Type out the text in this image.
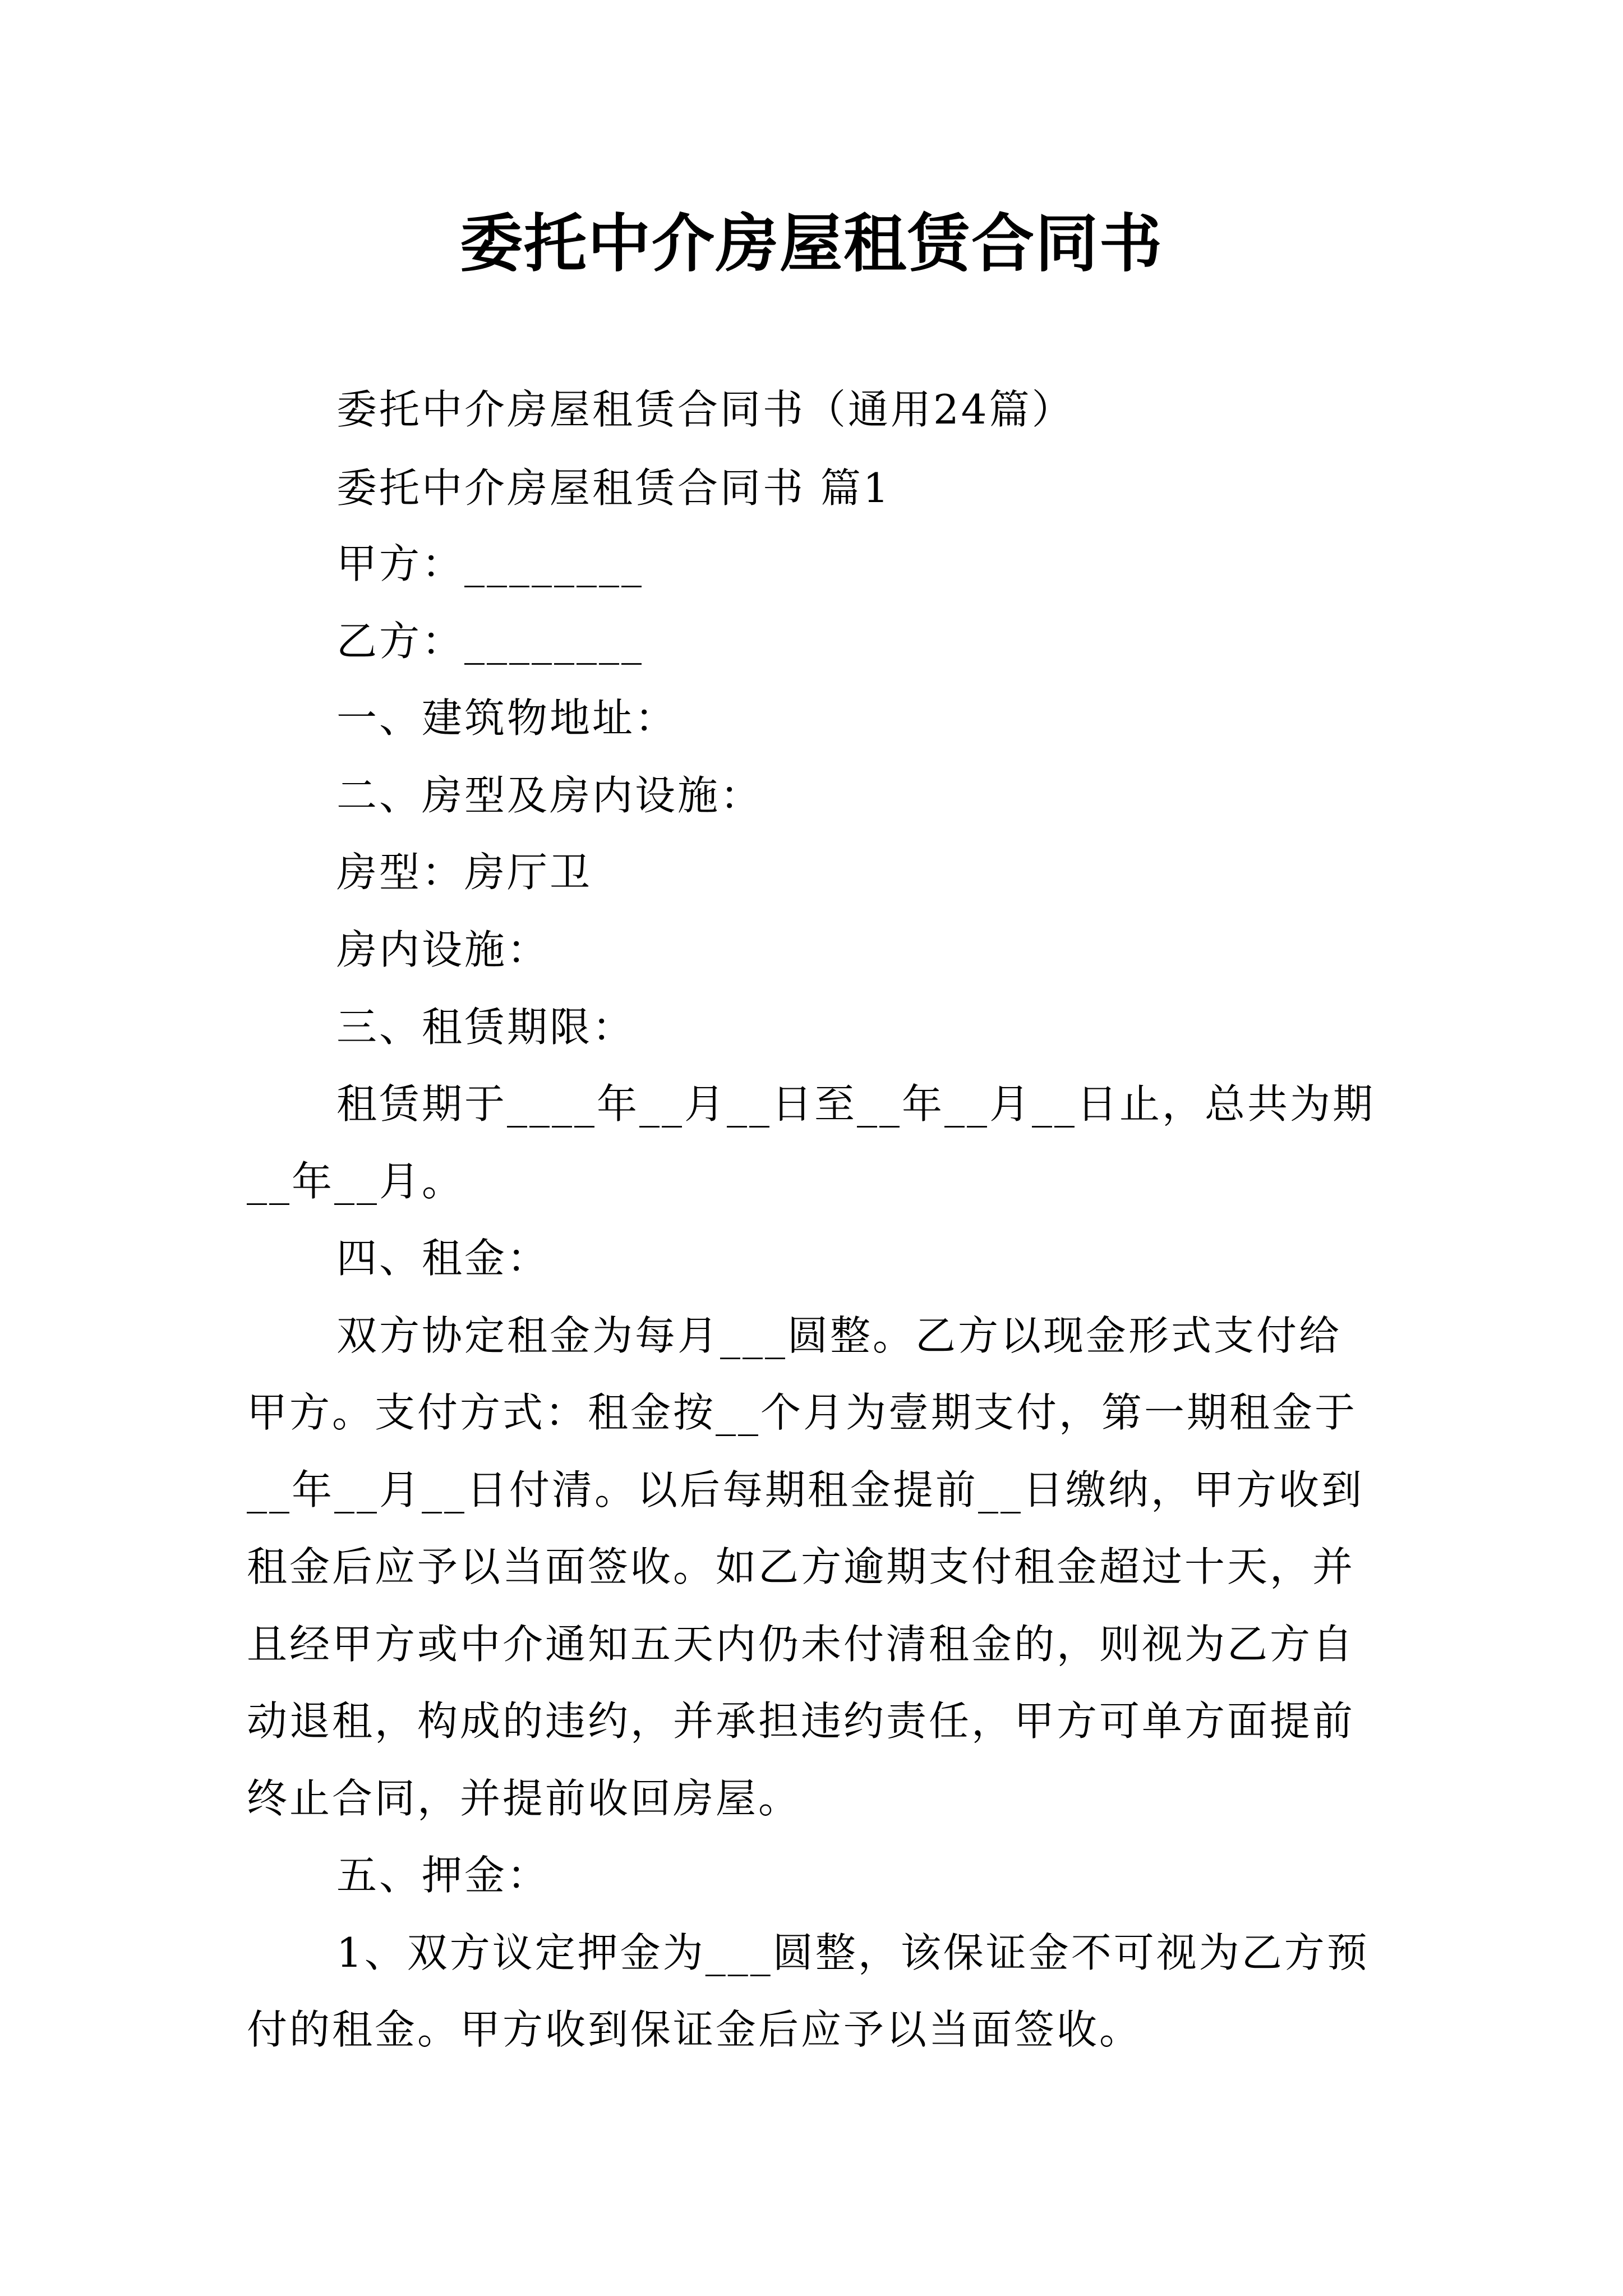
委托中介房屋租赁合同书
委托中介房屋租赁合同书（通用24篇）
委托中介房屋租赁合同书 篇1
甲方：________
乙方：________
一、建筑物地址：
二、房型及房内设施：
房型：房厅卫
房内设施：
三、租赁期限：
租赁期于____年__月__日至__年__月__日止，总共为期
__年__月。
四、租金：
双方协定租金为每月___圆整。乙方以现金形式支付给
甲方。支付方式：租金按__个月为壹期支付，第一期租金于
__年__月__日付清。以后每期租金提前__日缴纳，甲方收到
租金后应予以当面签收。如乙方逾期支付租金超过十天，并
且经甲方或中介通知五天内仍未付清租金的，则视为乙方自
动退租，构成的违约，并承担违约责任，甲方可单方面提前
终止合同，并提前收回房屋。
五、押金：
1、双方议定押金为___圆整，该保证金不可视为乙方预
付的租金。甲方收到保证金后应予以当面签收。
